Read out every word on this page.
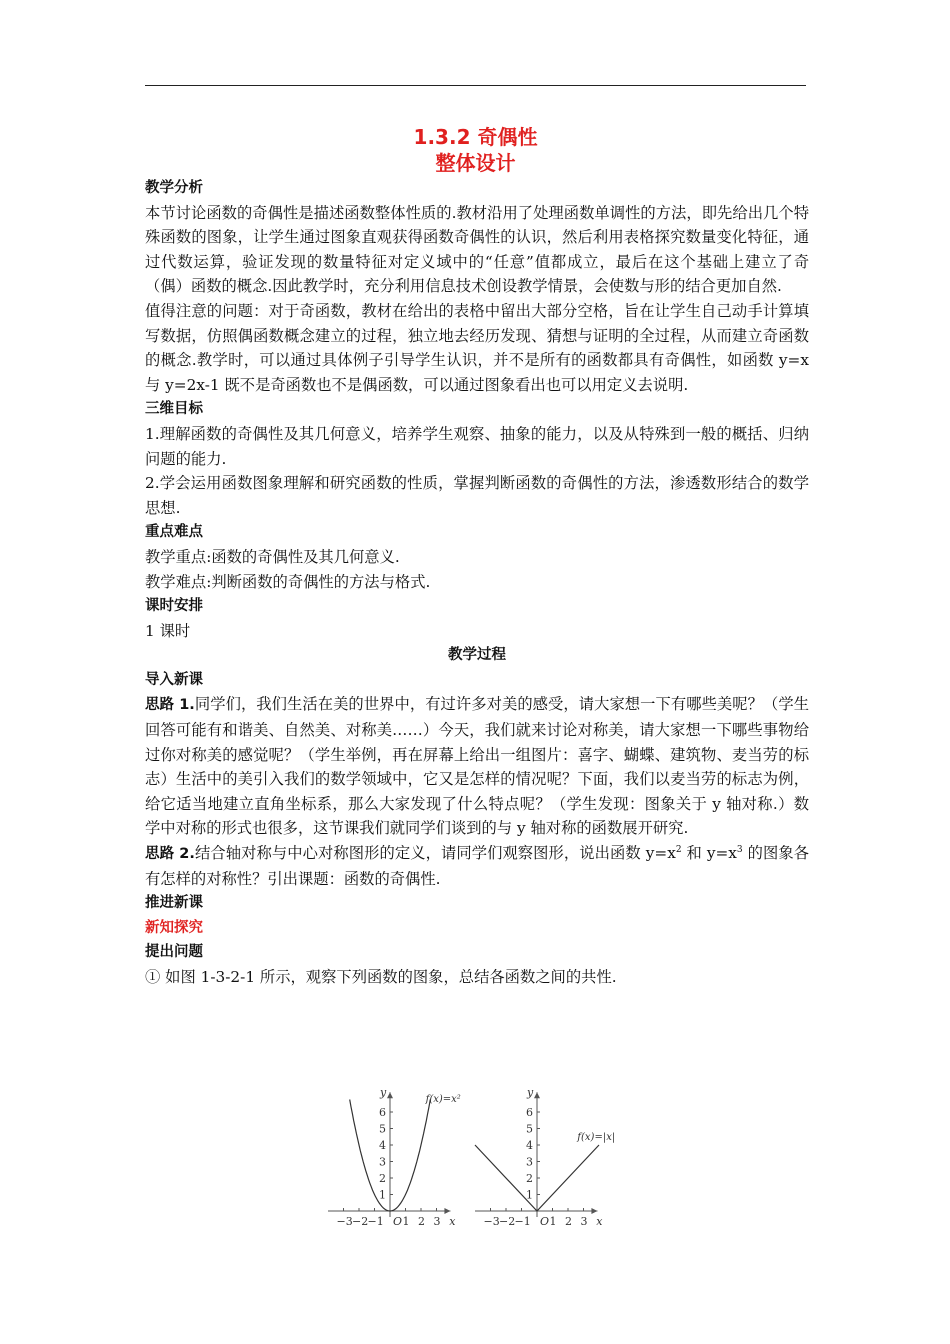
1.3.2 奇偶性
整体设计

教学分析

本节讨论函数的奇偶性是描述函数整体性质的.教材沿用了处理函数单调性的方法，即先给出几个特殊函数的图象，让学生通过图象直观获得函数奇偶性的认识，然后利用表格探究数量变化特征，通过代数运算，验证发现的数量特征对定义域中的“任意”值都成立，最后在这个基础上建立了奇（偶）函数的概念.因此教学时，充分利用信息技术创设教学情景，会使数与形的结合更加自然.

值得注意的问题：对于奇函数，教材在给出的表格中留出大部分空格，旨在让学生自己动手计算填写数据，仿照偶函数概念建立的过程，独立地去经历发现、猜想与证明的全过程，从而建立奇函数的概念.教学时，可以通过具体例子引导学生认识，并不是所有的函数都具有奇偶性，如函数 y=x 与 y=2x-1 既不是奇函数也不是偶函数，可以通过图象看出也可以用定义去说明.

三维目标

1.理解函数的奇偶性及其几何意义，培养学生观察、抽象的能力，以及从特殊到一般的概括、归纳问题的能力.

2.学会运用函数图象理解和研究函数的性质，掌握判断函数的奇偶性的方法，渗透数形结合的数学思想.

重点难点

教学重点:函数的奇偶性及其几何意义.

教学难点:判断函数的奇偶性的方法与格式.

课时安排

1 课时

教学过程

导入新课

思路 1.同学们，我们生活在美的世界中，有过许多对美的感受，请大家想一下有哪些美呢？（学生回答可能有和谐美、自然美、对称美……）今天，我们就来讨论对称美，请大家想一下哪些事物给过你对称美的感觉呢？（学生举例，再在屏幕上给出一组图片：喜字、蝴蝶、建筑物、麦当劳的标志）生活中的美引入我们的数学领域中，它又是怎样的情况呢？下面，我们以麦当劳的标志为例，给它适当地建立直角坐标系，那么大家发现了什么特点呢？（学生发现：图象关于 y 轴对称.）数学中对称的形式也很多，这节课我们就同学们谈到的与 y 轴对称的函数展开研究.

思路 2.结合轴对称与中心对称图形的定义，请同学们观察图形，说出函数 $y=x^2$ 和 $y=x^3$ 的图象各有怎样的对称性？引出课题：函数的奇偶性.

推进新课

新知探究

提出问题

① 如图 1-3-2-1 所示，观察下列函数的图象，总结各函数之间的共性.

−3 −2 −1 1 2 3
1
2
3
4
5
6
x
y
O
f(x)=x²
−3 −2 −1 1 2 3
1
2
3
4
5
6
x
y
O
f(x)=|x|
